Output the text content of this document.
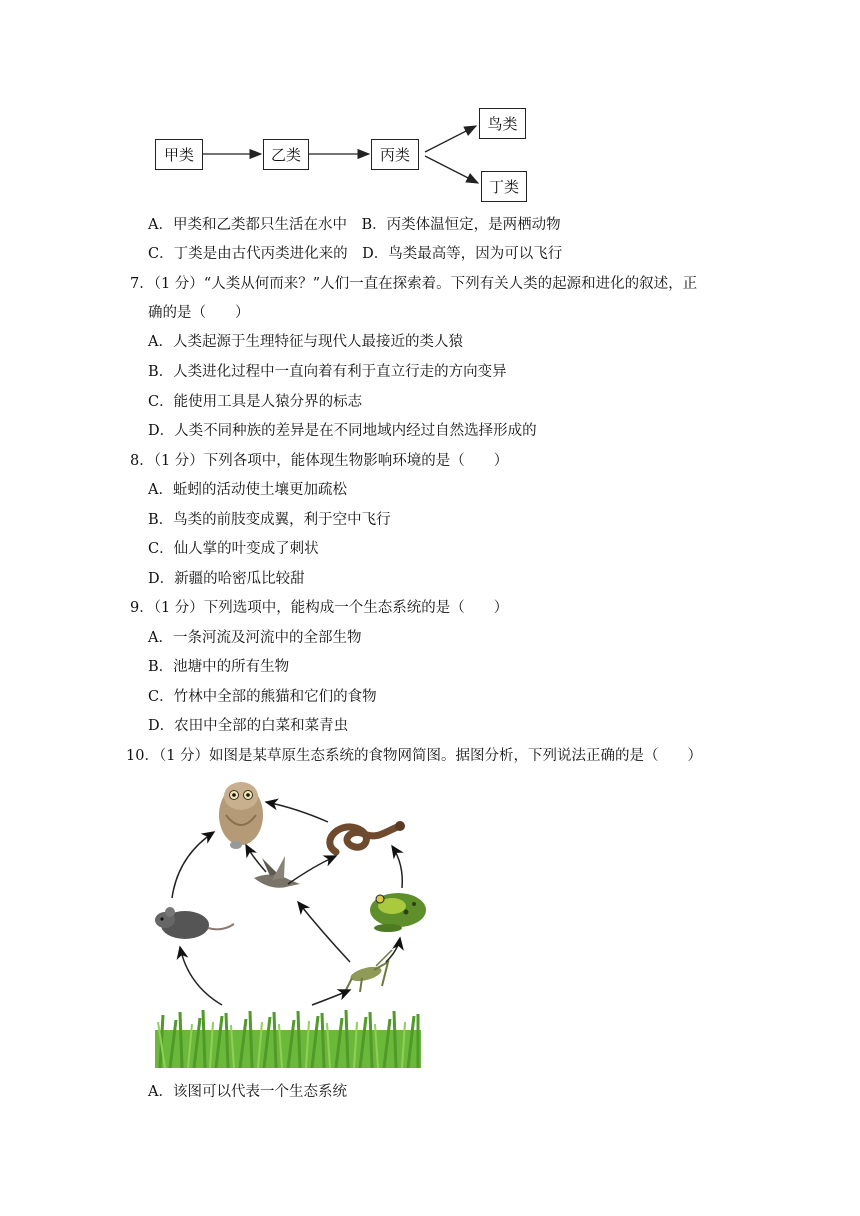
甲类	乙类	丙类
鸟类
丁类
A．甲类和乙类都只生活在水中　B．丙类体温恒定，是两栖动物
C．丁类是由古代丙类进化来的　D．鸟类最高等，因为可以飞行
7．（1 分）“人类从何而来？”人们一直在探索着。下列有关人类的起源和进化的叙述，正
确的是（　　）
A．人类起源于生理特征与现代人最接近的类人猿
B．人类进化过程中一直向着有利于直立行走的方向变异
C．能使用工具是人猿分界的标志
D．人类不同种族的差异是在不同地域内经过自然选择形成的
8．（1 分）下列各项中，能体现生物影响环境的是（　　）
A．蚯蚓的活动使土壤更加疏松
B．鸟类的前肢变成翼，利于空中飞行
C．仙人掌的叶变成了刺状
D．新疆的哈密瓜比较甜
9．（1 分）下列选项中，能构成一个生态系统的是（　　）
A．一条河流及河流中的全部生物
B．池塘中的所有生物
C．竹林中全部的熊猫和它们的食物
D．农田中全部的白菜和菜青虫
10．（1 分）如图是某草原生态系统的食物网简图。据图分析，下列说法正确的是（　　）
A．该图可以代表一个生态系统
